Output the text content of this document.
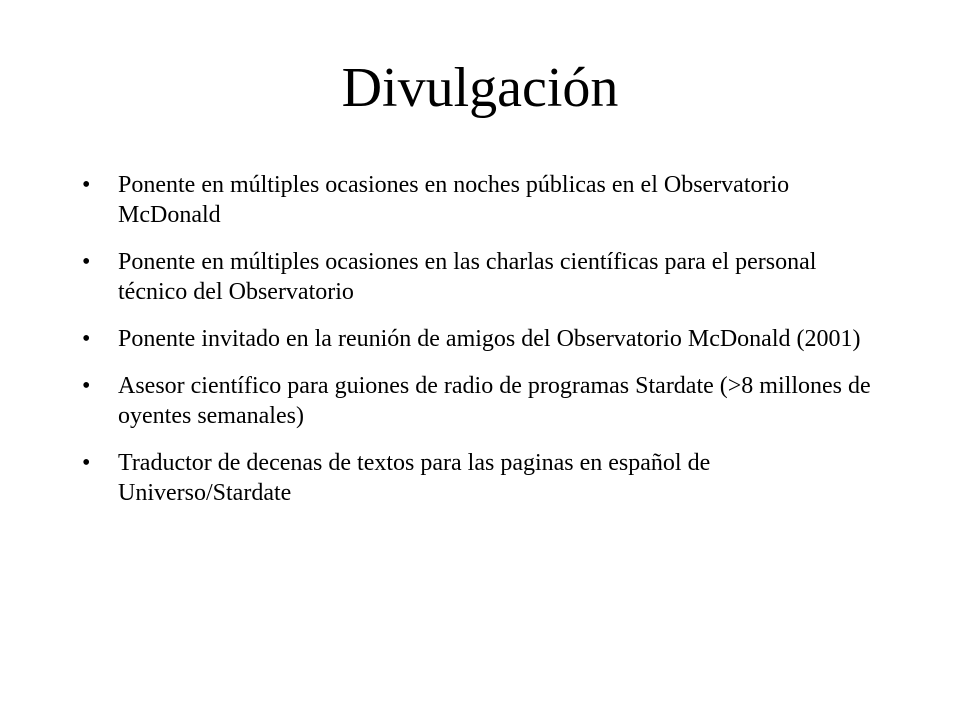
Divulgación
•	Ponente en múltiples ocasiones en noches públicas en el Observatorio McDonald
•	Ponente en múltiples ocasiones en las charlas científicas para el personal técnico del Observatorio
•	Ponente invitado en la reunión de amigos del Observatorio McDonald (2001)
•	Asesor científico para guiones de radio de programas Stardate (>8 millones de oyentes semanales)
•	Traductor de decenas de textos para las paginas en español de Universo/Stardate
